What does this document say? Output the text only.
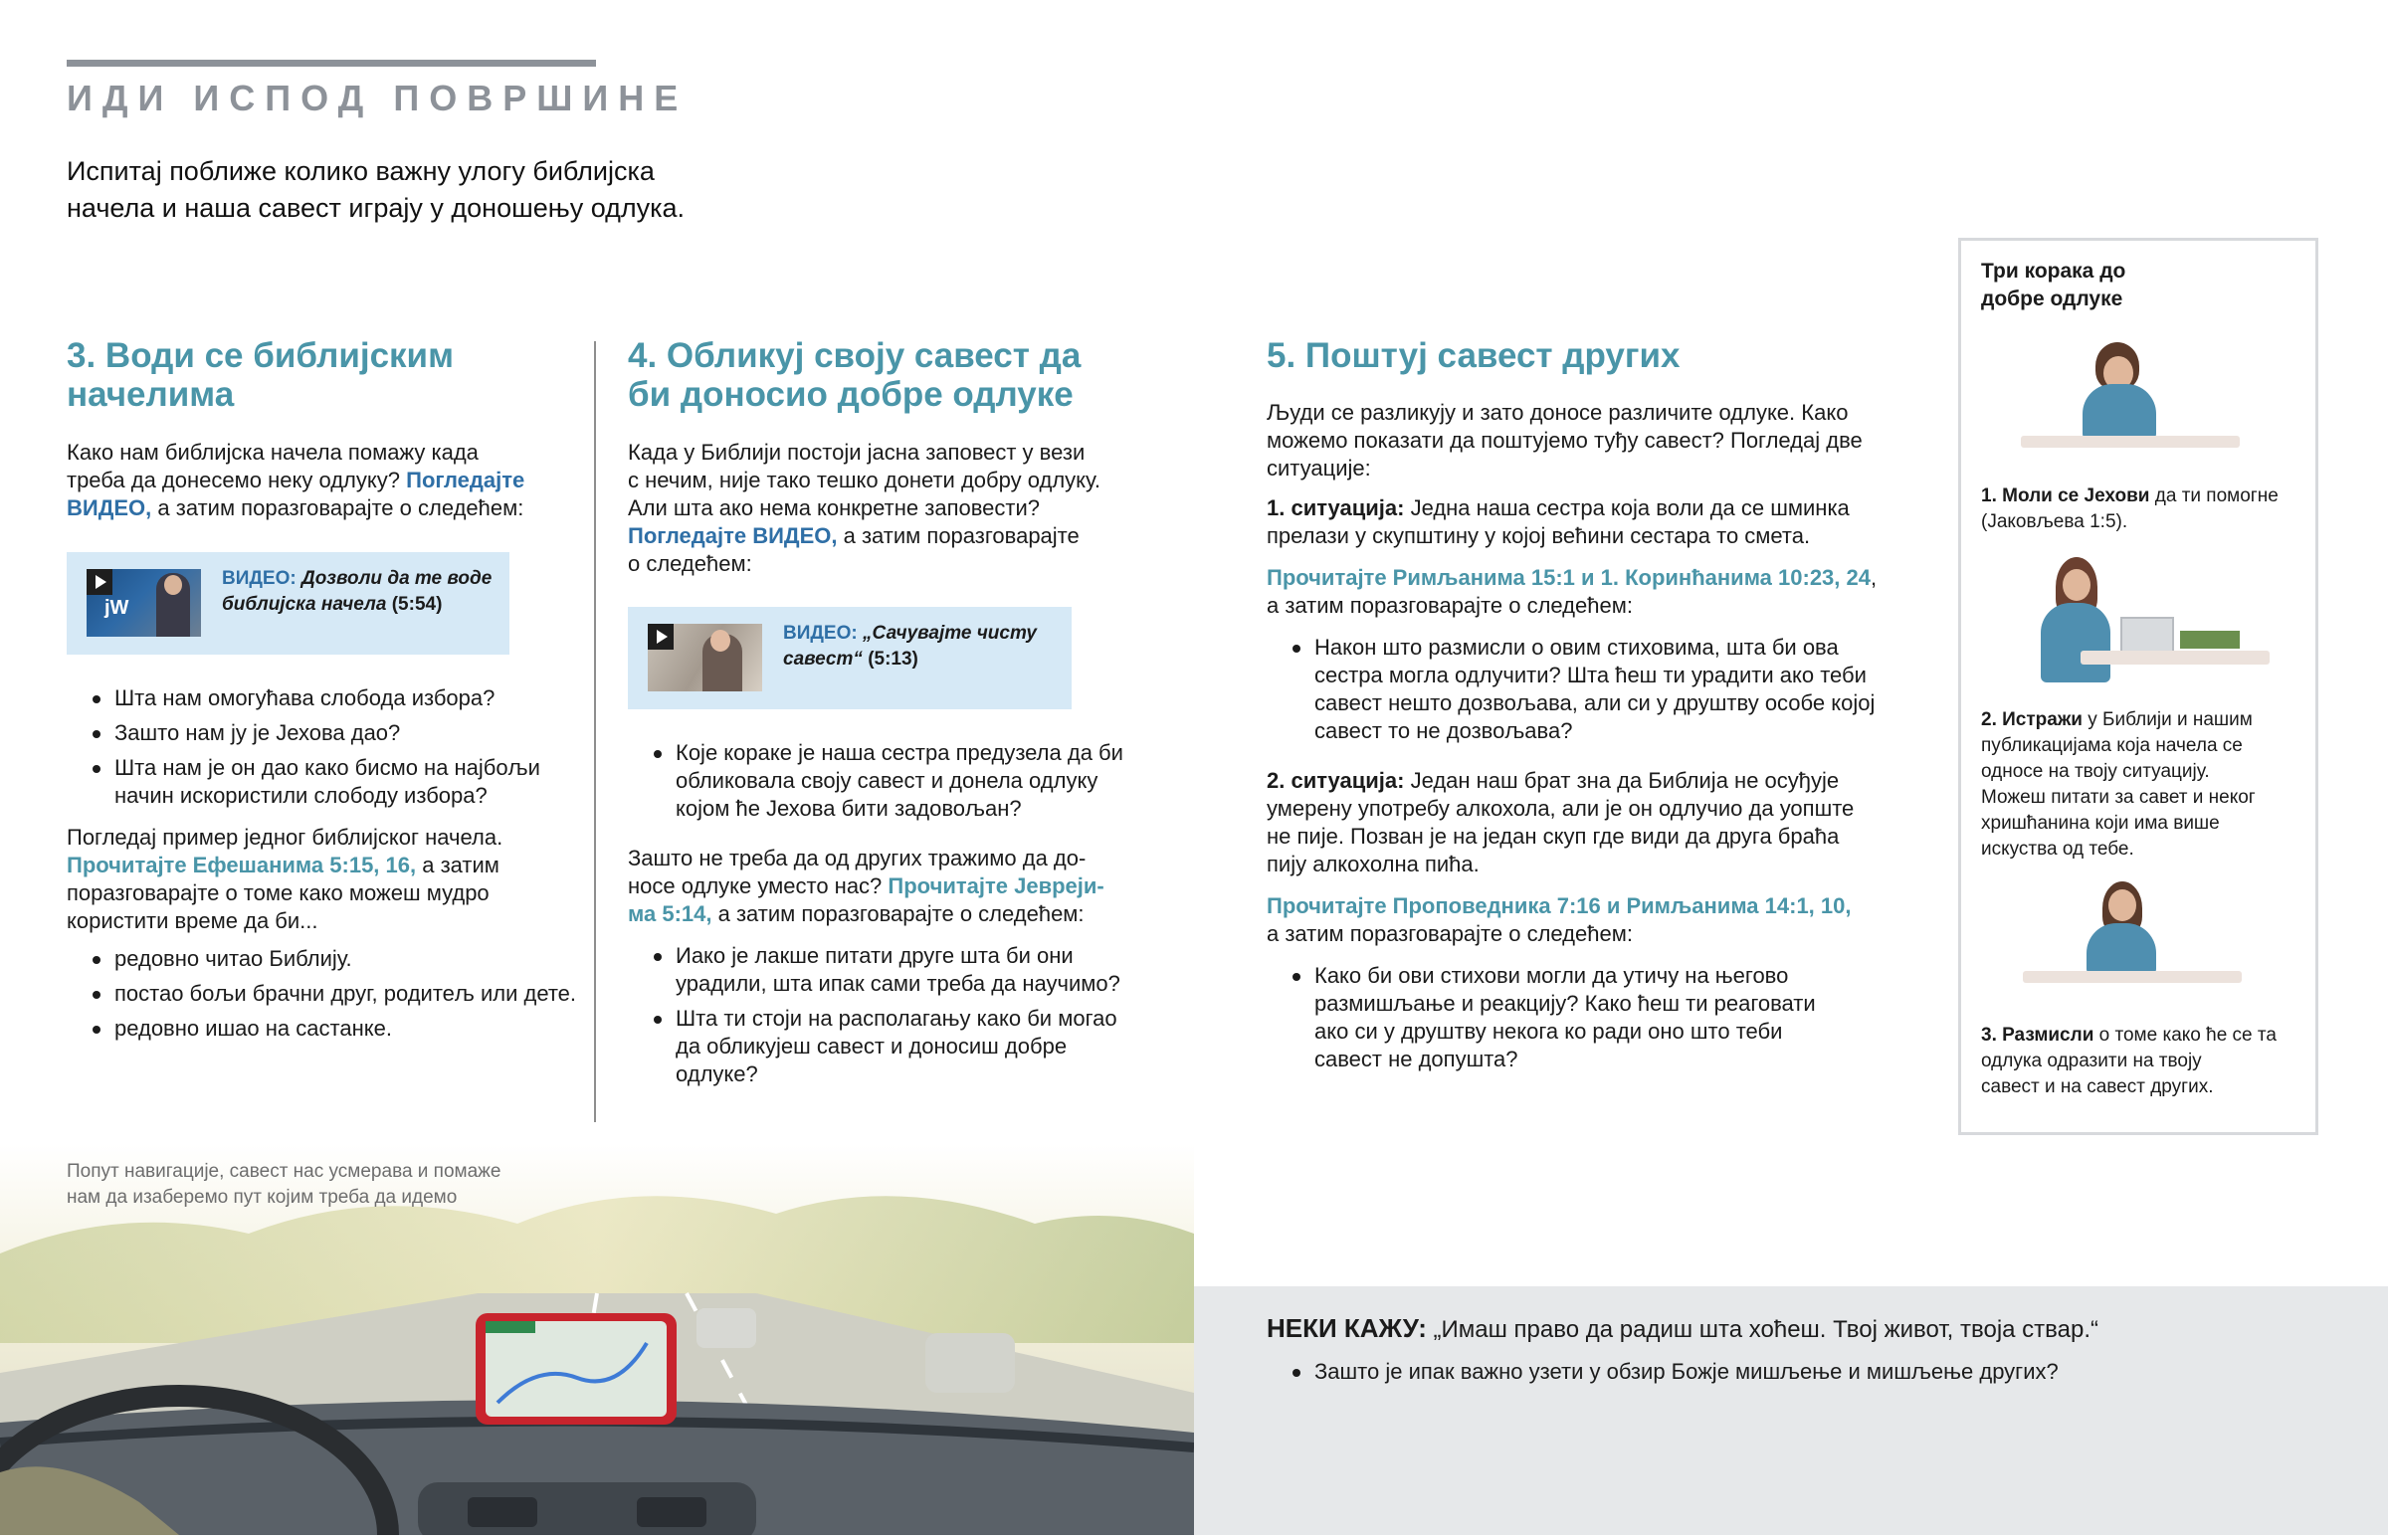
ИДИ ИСПОД ПОВРШИНЕ

Испитај поближе колико важну улогу библијска

начела и наша савест играју у доношењу одлука.

3. Води се библијским
начелима

Како нам библијска начела помажу када

треба да донесемо неку одлуку? Погледајте

ВИДЕО, а затим поразговарајте о следећем:

jW
ВИДЕО: Дозволи да те воде
библијска начела (5:54)
Шта нам омогућава слобода избора?
Зашто нам ју је Јехова дао?
Шта нам је он дао како бисмо на најбољи начин искористили слободу избора?

Погледај пример једног библијског начела.

Прочитајте Ефешанима 5:15, 16, а затим

поразговарајте о томе како можеш мудро

користити време да би...

редовно читао Библију.
постао бољи брачни друг, родитељ или дете.
редовно ишао на састанке.
4. Обликуј своју савест да
би доносио добре одлуке

Када у Библији постоји јасна заповест у вези

с нечим, није тако тешко донети добру одлуку.

Али шта ако нема конкретне заповести?

Погледајте ВИДЕО, а затим поразговарајте

о следећем:

ВИДЕО: „Сачувајте чисту
савест“ (5:13)
Које кораке је наша сестра предузела да би обликовала своју савест и донела одлуку којом ће Јехова бити задовољан?

Зашто не треба да од других тражимо да до-

носе одлуке уместо нас? Прочитајте Јевреји-

ма 5:14, а затим поразговарајте о следећем:

Иако је лакше питати друге шта би они урадили, шта ипак сами треба да научимо?
Шта ти стоји на располагању како би могао да обликујеш савест и доносиш добре одлуке?
5. Поштуј савест других

Људи се разликују и зато доносе различите одлуке. Како

можемо показати да поштујемо туђу савест? Погледај две

ситуације:

1. ситуација: Једна наша сестра која воли да се шминка

прелази у скупштину у којој већини сестара то смета.

Прочитајте Римљанима 15:1 и 1. Коринћанима 10:23, 24,

а затим поразговарајте о следећем:

Након што размисли о овим стиховима, шта би ова сестра могла одлучити? Шта ћеш ти урадити ако теби савест нешто дозвољава, али си у друштву особе којој савест то не дозвољава?

2. ситуација: Један наш брат зна да Библија не осуђује

умерену употребу алкохола, али је он одлучио да уопште

не пије. Позван је на један скуп где види да друга браћа

пију алкохолна пића.

Прочитајте Проповедника 7:16 и Римљанима 14:1, 10,

а затим поразговарајте о следећем:

Како би ови стихови могли да утичу на његово размишљање и реакцију? Како ћеш ти реаговати ако си у друштву некога ко ради оно што теби савест не допушта?
Три корака до
добре одлуке
1. Моли се Јехови да ти помогне
(Јаковљева 1:5).
2. Истражи у Библији и нашим
публикацијама која начела се
односе на твоју ситуацију.
Можеш питати за савет и неког
хришћанина који има више
искуства од тебе.
3. Размисли о томе како ће се та
одлука одразити на твоју
савест и на савест других.
Попут навигације, савест нас усмерава и помаже
нам да изаберемо пут којим треба да идемо
НЕКИ КАЖУ: „Имаш право да радиш шта хоћеш. Твој живот, твоја ствар.“
Зашто је ипак важно узети у обзир Божје мишљење и мишљење других?
